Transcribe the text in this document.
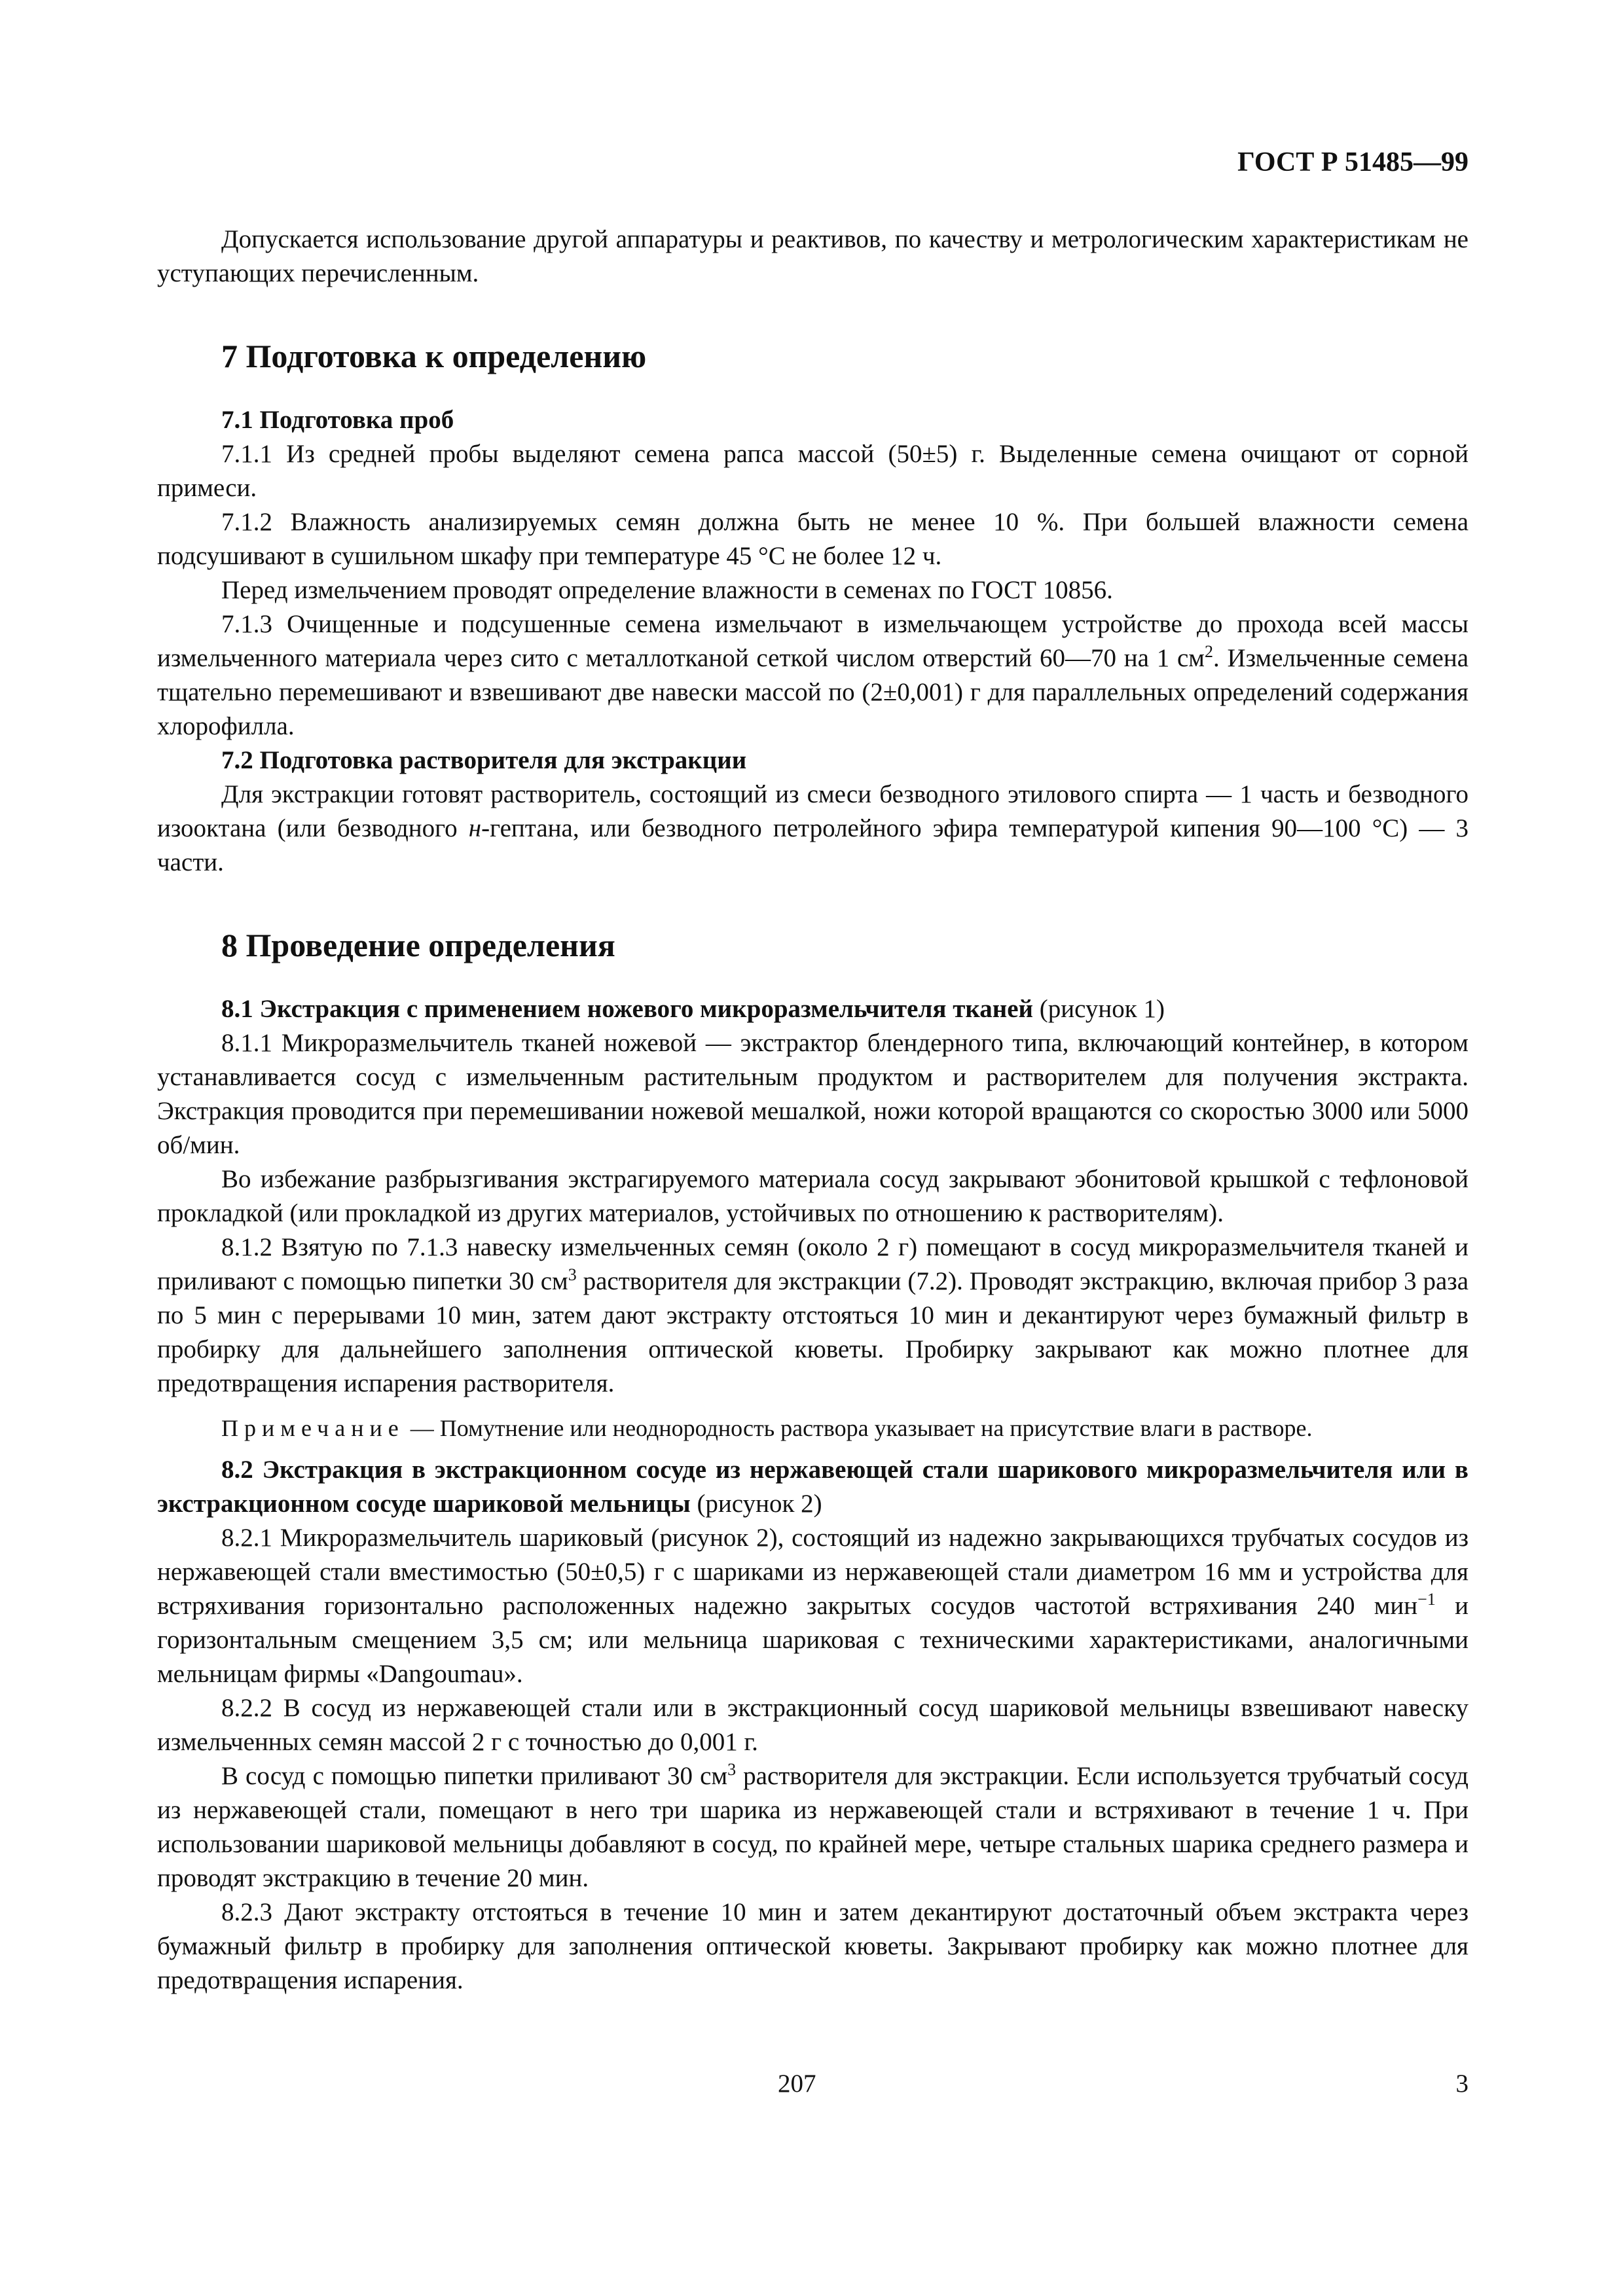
ГОСТ Р 51485—99

Допускается использование другой аппаратуры и реактивов, по качеству и метрологическим характеристикам не уступающих перечисленным.

7 Подготовка к определению
7.1 Подготовка проб

7.1.1 Из средней пробы выделяют семена рапса массой (50±5) г. Выделенные семена очищают от сорной примеси.

7.1.2 Влажность анализируемых семян должна быть не менее 10 %. При большей влажности семена подсушивают в сушильном шкафу при температуре 45 °С не более 12 ч.

Перед измельчением проводят определение влажности в семенах по ГОСТ 10856.

7.1.3 Очищенные и подсушенные семена измельчают в измельчающем устройстве до прохода всей массы измельченного материала через сито с металлотканой сеткой числом отверстий 60—70 на 1 $см^2$. Измельченные семена тщательно перемешивают и взвешивают две навески массой по (2±0,001) г для параллельных определений содержания хлорофилла.

7.2 Подготовка растворителя для экстракции

Для экстракции готовят растворитель, состоящий из смеси безводного этилового спирта — 1 часть и безводного изооктана (или безводного н-гептана, или безводного петролейного эфира температурой кипения 90—100 °С) — 3 части.

8 Проведение определения

8.1 Экстракция с применением ножевого микроразмельчителя тканей (рисунок 1)

8.1.1 Микроразмельчитель тканей ножевой — экстрактор блендерного типа, включающий контейнер, в котором устанавливается сосуд с измельченным растительным продуктом и растворителем для получения экстракта. Экстракция проводится при перемешивании ножевой мешалкой, ножи которой вращаются со скоростью 3000 или 5000 об/мин.

Во избежание разбрызгивания экстрагируемого материала сосуд закрывают эбонитовой крышкой с тефлоновой прокладкой (или прокладкой из других материалов, устойчивых по отношению к растворителям).

8.1.2 Взятую по 7.1.3 навеску измельченных семян (около 2 г) помещают в сосуд микроразмельчителя тканей и приливают с помощью пипетки 30 $см^3$ растворителя для экстракции (7.2). Проводят экстракцию, включая прибор 3 раза по 5 мин с перерывами 10 мин, затем дают экстракту отстояться 10 мин и декантируют через бумажный фильтр в пробирку для дальнейшего заполнения оптической кюветы. Пробирку закрывают как можно плотнее для предотвращения испарения растворителя.

Примечание — Помутнение или неоднородность раствора указывает на присутствие влаги в растворе.

8.2 Экстракция в экстракционном сосуде из нержавеющей стали шарикового микроразмельчителя или в экстракционном сосуде шариковой мельницы (рисунок 2)

8.2.1 Микроразмельчитель шариковый (рисунок 2), состоящий из надежно закрывающихся трубчатых сосудов из нержавеющей стали вместимостью (50±0,5) г с шариками из нержавеющей стали диаметром 16 мм и устройства для встряхивания горизонтально расположенных надежно закрытых сосудов частотой встряхивания 240 мин$^{-1}$ и горизонтальным смещением 3,5 см; или мельница шариковая с техническими характеристиками, аналогичными мельницам фирмы «Dangoumau».

8.2.2 В сосуд из нержавеющей стали или в экстракционный сосуд шариковой мельницы взвешивают навеску измельченных семян массой 2 г с точностью до 0,001 г.

В сосуд с помощью пипетки приливают 30 $см^3$ растворителя для экстракции. Если используется трубчатый сосуд из нержавеющей стали, помещают в него три шарика из нержавеющей стали и встряхивают в течение 1 ч. При использовании шариковой мельницы добавляют в сосуд, по крайней мере, четыре стальных шарика среднего размера и проводят экстракцию в течение 20 мин.

8.2.3 Дают экстракту отстояться в течение 10 мин и затем декантируют достаточный объем экстракта через бумажный фильтр в пробирку для заполнения оптической кюветы. Закрывают пробирку как можно плотнее для предотвращения испарения.

207	3
